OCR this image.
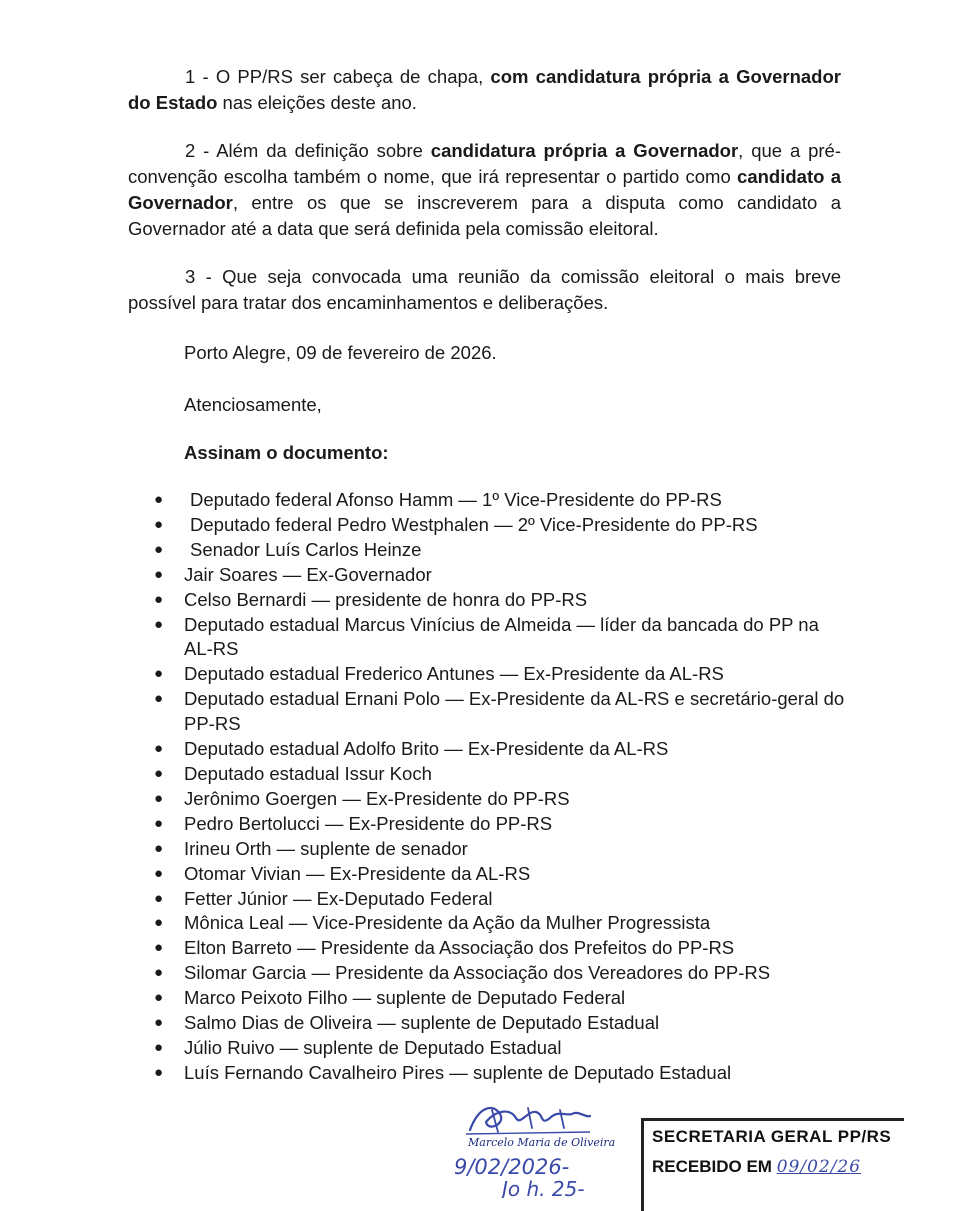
1 - O PP/RS ser cabeça de chapa, com candidatura própria a Governador do Estado nas eleições deste ano.

2 - Além da definição sobre candidatura própria a Governador, que a pré-convenção escolha também o nome, que irá representar o partido como candidato a Governador, entre os que se inscreverem para a disputa como candidato a Governador até a data que será definida pela comissão eleitoral.

3 - Que seja convocada uma reunião da comissão eleitoral o mais breve possível para tratar dos encaminhamentos e deliberações.

Porto Alegre, 09 de fevereiro de 2026.

Atenciosamente,

Assinam o documento:

● Deputado federal Afonso Hamm — 1º Vice-Presidente do PP-RS
● Deputado federal Pedro Westphalen — 2º Vice-Presidente do PP-RS
● Senador Luís Carlos Heinze
● Jair Soares — Ex-Governador
● Celso Bernardi — presidente de honra do PP-RS
● Deputado estadual Marcus Vinícius de Almeida — líder da bancada do PP na AL-RS
● Deputado estadual Frederico Antunes — Ex-Presidente da AL-RS
● Deputado estadual Ernani Polo — Ex-Presidente da AL-RS e secretário-geral do PP-RS
● Deputado estadual Adolfo Brito — Ex-Presidente da AL-RS
● Deputado estadual Issur Koch
● Jerônimo Goergen — Ex-Presidente do PP-RS
● Pedro Bertolucci — Ex-Presidente do PP-RS
● Irineu Orth — suplente de senador
● Otomar Vivian — Ex-Presidente da AL-RS
● Fetter Júnior — Ex-Deputado Federal
● Mônica Leal — Vice-Presidente da Ação da Mulher Progressista
● Elton Barreto — Presidente da Associação dos Prefeitos do PP-RS
● Silomar Garcia — Presidente da Associação dos Vereadores do PP-RS
● Marco Peixoto Filho — suplente de Deputado Federal
● Salmo Dias de Oliveira — suplente de Deputado Estadual
● Júlio Ruivo — suplente de Deputado Estadual
● Luís Fernando Cavalheiro Pires — suplente de Deputado Estadual
Marcelo Maria de Oliveira
9/02/2026-
Jo h. 25-
SECRETARIA GERAL PP/RS
RECEBIDO EM 09/02/26
